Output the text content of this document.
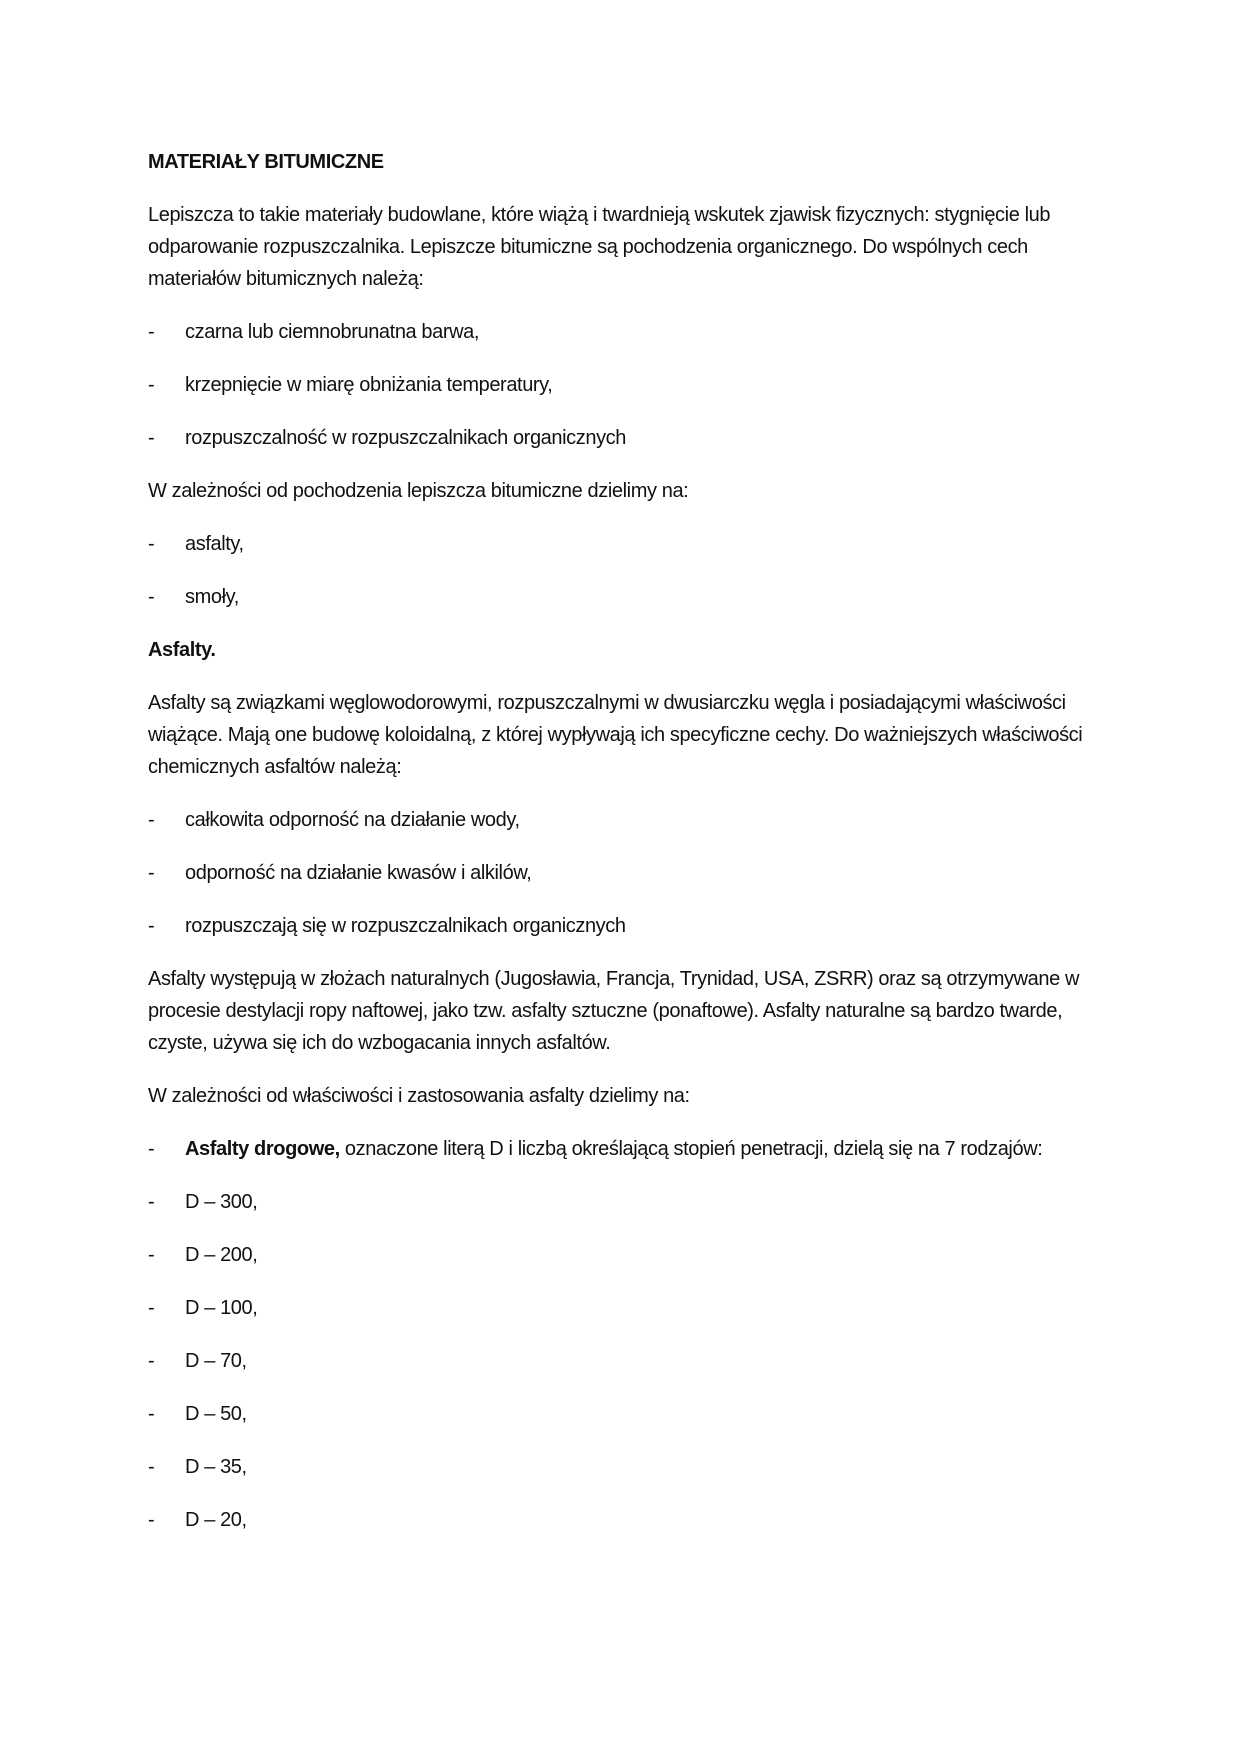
MATERIAŁY BITUMICZNE

Lepiszcza to takie materiały budowlane, które wiążą i twardnieją wskutek zjawisk fizycznych: stygnięcie lub odparowanie rozpuszczalnika. Lepiszcze bitumiczne są pochodzenia organicznego. Do wspólnych cech materiałów bitumicznych należą:

-	czarna lub ciemnobrunatna barwa,
-	krzepnięcie w miarę obniżania temperatury,
-	rozpuszczalność w rozpuszczalnikach organicznych

W zależności od pochodzenia lepiszcza bitumiczne dzielimy na:

-	asfalty,
-	smoły,

Asfalty.

Asfalty są związkami węglowodorowymi, rozpuszczalnymi w dwusiarczku węgla i posiadającymi właściwości wiążące. Mają one budowę koloidalną, z której wypływają ich specyficzne cechy. Do ważniejszych właściwości chemicznych asfaltów należą:

-	całkowita odporność na działanie wody,
-	odporność na działanie kwasów i alkilów,
-	rozpuszczają się w rozpuszczalnikach organicznych

Asfalty występują w złożach naturalnych (Jugosławia, Francja, Trynidad, USA, ZSRR) oraz są otrzymywane w procesie destylacji ropy naftowej, jako tzw. asfalty sztuczne (ponaftowe). Asfalty naturalne są bardzo twarde, czyste, używa się ich do wzbogacania innych asfaltów.

W zależności od właściwości i zastosowania asfalty dzielimy na:

-	Asfalty drogowe, oznaczone literą D i liczbą określającą stopień penetracji, dzielą się na 7 rodzajów:
-	D – 300,
-	D – 200,
-	D – 100,
-	D – 70,
-	D – 50,
-	D – 35,
-	D – 20,
